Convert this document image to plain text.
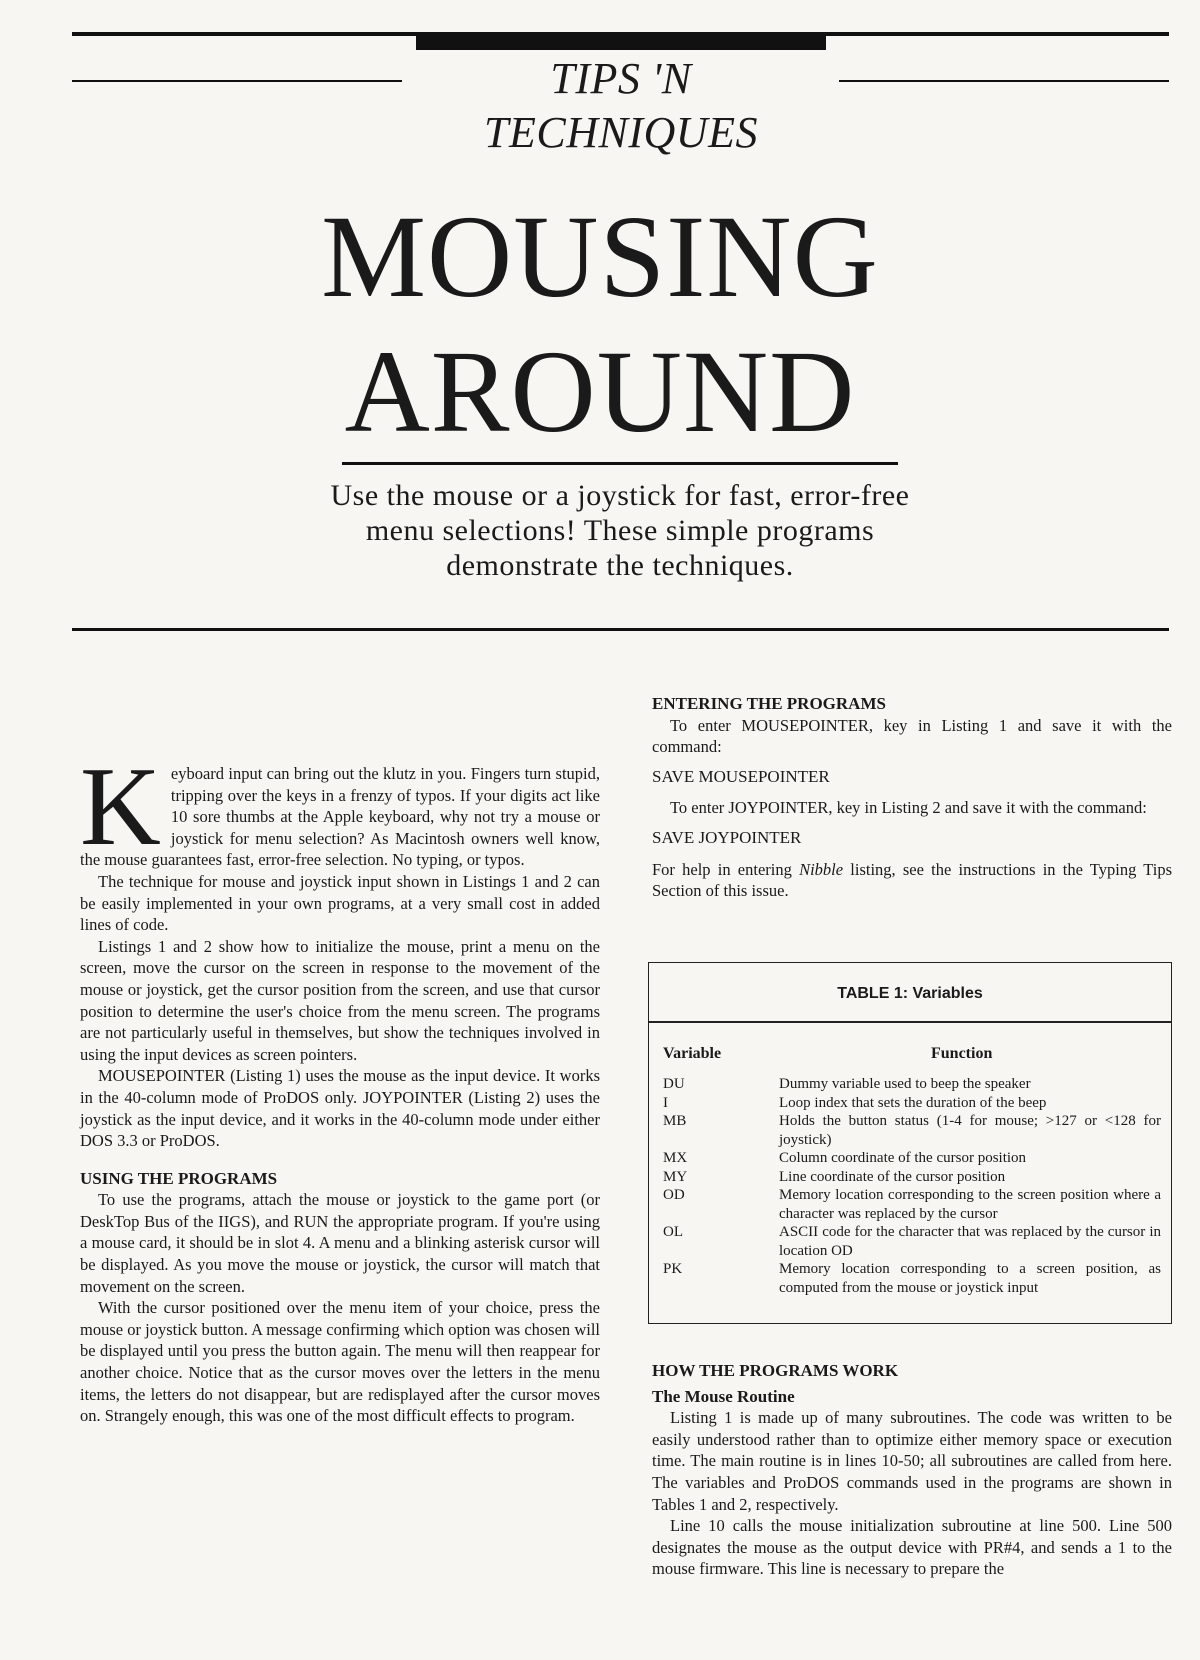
TIPS 'N TECHNIQUES
MOUSING
AROUND
Use the mouse or a joystick for fast, error-free menu selections! These simple programs demonstrate the techniques.

Keyboard input can bring out the klutz in you. Fingers turn stupid, tripping over the keys in a frenzy of typos. If your digits act like 10 sore thumbs at the Apple keyboard, why not try a mouse or joystick for menu selection? As Macintosh owners well know, the mouse guarantees fast, error-free selection. No typing, or typos.

The technique for mouse and joystick input shown in Listings 1 and 2 can be easily implemented in your own programs, at a very small cost in added lines of code.

Listings 1 and 2 show how to initialize the mouse, print a menu on the screen, move the cursor on the screen in response to the movement of the mouse or joystick, get the cursor position from the screen, and use that cursor position to determine the user's choice from the menu screen. The programs are not particularly useful in themselves, but show the techniques involved in using the input devices as screen pointers.

MOUSEPOINTER (Listing 1) uses the mouse as the input device. It works in the 40-column mode of ProDOS only. JOYPOINTER (Listing 2) uses the joystick as the input device, and it works in the 40-column mode under either DOS 3.3 or ProDOS.

USING THE PROGRAMS

To use the programs, attach the mouse or joystick to the game port (or DeskTop Bus of the IIGS), and RUN the appropriate program. If you're using a mouse card, it should be in slot 4. A menu and a blinking asterisk cursor will be displayed. As you move the mouse or joystick, the cursor will match that movement on the screen.

With the cursor positioned over the menu item of your choice, press the mouse or joystick button. A message confirming which option was chosen will be displayed until you press the button again. The menu will then reappear for another choice. Notice that as the cursor moves over the letters in the menu items, the letters do not disappear, but are redisplayed after the cursor moves on. Strangely enough, this was one of the most difficult effects to program.

ENTERING THE PROGRAMS

To enter MOUSEPOINTER, key in Listing 1 and save it with the command:

SAVE MOUSEPOINTER

To enter JOYPOINTER, key in Listing 2 and save it with the command:

SAVE JOYPOINTER

For help in entering Nibble listing, see the instructions in the Typing Tips Section of this issue.

TABLE 1: Variables
Variable	Function
DU	Dummy variable used to beep the speaker
I	Loop index that sets the duration of the beep
MB	Holds the button status (1-4 for mouse; >127 or <128 for joystick)
MX	Column coordinate of the cursor position
MY	Line coordinate of the cursor position
OD	Memory location corresponding to the screen position where a character was replaced by the cursor
OL	ASCII code for the character that was replaced by the cursor in location OD
PK	Memory location corresponding to a screen position, as computed from the mouse or joystick input

HOW THE PROGRAMS WORK

The Mouse Routine

Listing 1 is made up of many subroutines. The code was written to be easily understood rather than to optimize either memory space or execution time. The main routine is in lines 10-50; all subroutines are called from here. The variables and ProDOS commands used in the programs are shown in Tables 1 and 2, respectively.

Line 10 calls the mouse initialization subroutine at line 500. Line 500 designates the mouse as the output device with PR#4, and sends a 1 to the mouse firmware. This line is necessary to prepare the
